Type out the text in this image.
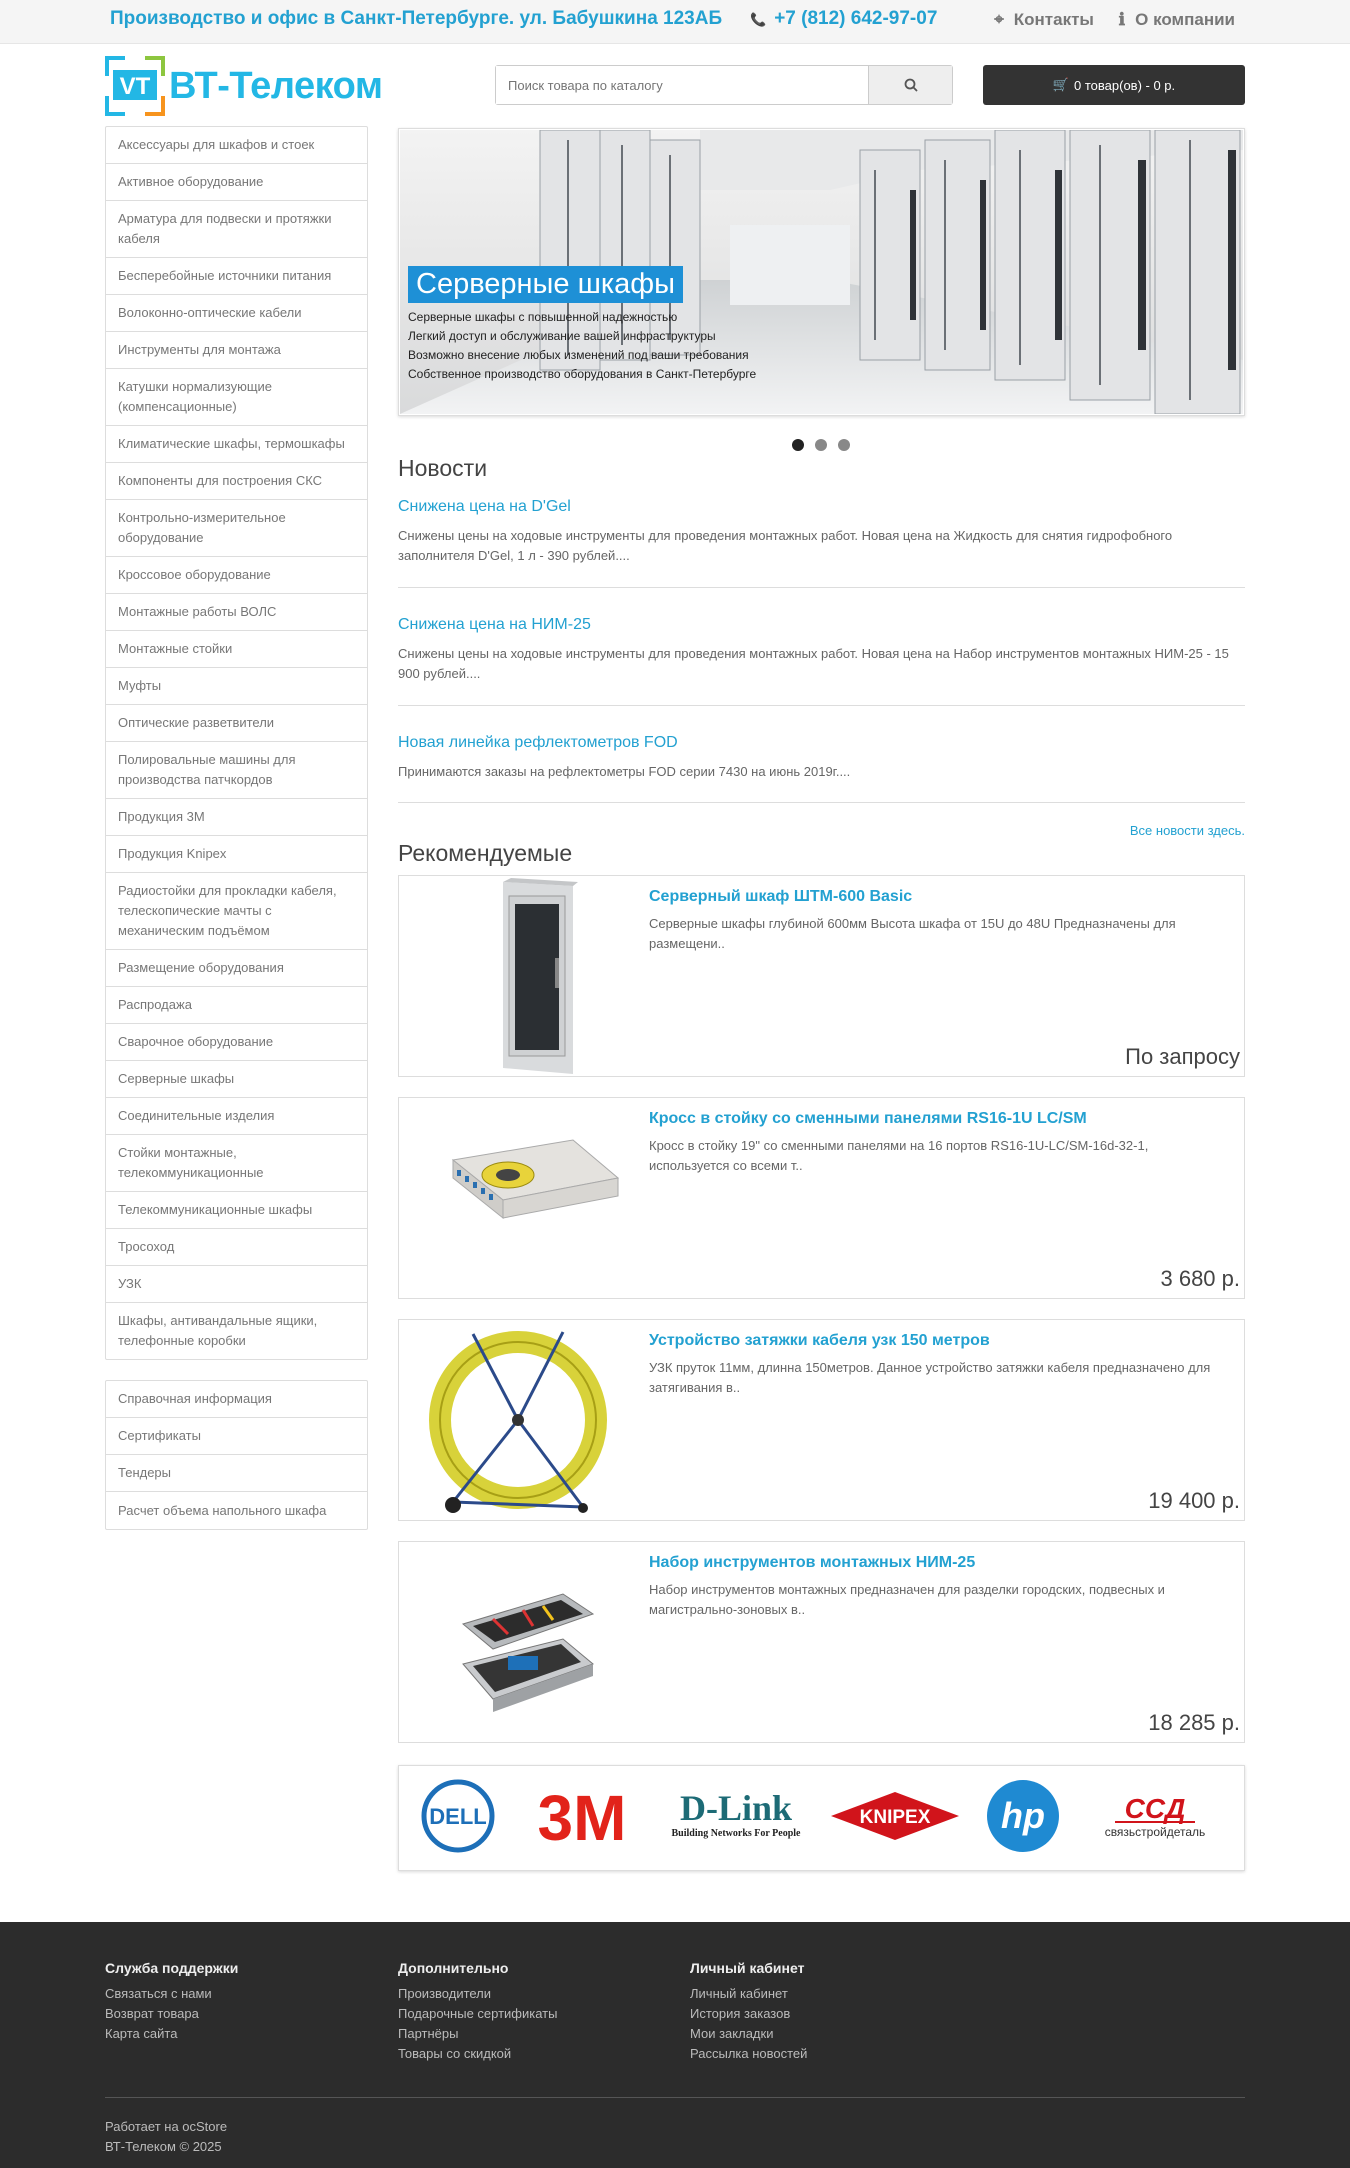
Производство и офис в Санкт-Петербурге. ул. Бабушкина 123АБ 📞 +7 (812) 642-97-07	⌖ Контакты ℹ О компании
VT ВТ-Телеком
Поиск товара по каталогу	🛒 0 товар(ов) - 0 р.
Аксессуары для шкафов и стоек
Активное оборудование
Арматура для подвески и протяжки кабеля
Бесперебойные источники питания
Волоконно-оптические кабели
Инструменты для монтажа
Катушки нормализующие (компенсационные)
Климатические шкафы, термошкафы
Компоненты для построения СКС
Контрольно-измерительное оборудование
Кроссовое оборудование
Монтажные работы ВОЛС
Монтажные стойки
Муфты
Оптические разветвители
Полировальные машины для производства патчкордов
Продукция 3M
Продукция Knipex
Радиостойки для прокладки кабеля, телескопические мачты с механическим подъёмом
Размещение оборудования
Распродажа
Сварочное оборудование
Серверные шкафы
Соединительные изделия
Стойки монтажные, телекоммуникационные
Телекоммуникационные шкафы
Тросоход
УЗК
Шкафы, антивандальные ящики, телефонные коробки
Справочная информация
Сертификаты
Тендеры
Расчет объема напольного шкафа
Серверные шкафы
Серверные шкафы с повышенной надежностью
Легкий доступ и обслуживание вашей инфраструктуры
Возможно внесение любых изменений под ваши требования
Собственное производство оборудования в Санкт-Петербурге
Новости
Снижена цена на D'Gel
Снижены цены на ходовые инструменты для проведения монтажных работ. Новая цена на Жидкость для снятия гидрофобного заполнителя D'Gel, 1 л - 390 рублей....
Снижена цена на НИМ-25
Снижены цены на ходовые инструменты для проведения монтажных работ. Новая цена на Набор инструментов монтажных НИМ-25 - 15 900 рублей....
Новая линейка рефлектометров FOD
Принимаются заказы на рефлектометры FOD серии 7430 на июнь 2019г....
Все новости здесь.
Рекомендуемые
Серверный шкаф ШТМ-600 Basic
Серверные шкафы глубиной 600мм Высота шкафа от 15U до 48U Предназначены для размещени..
По запросу
Кросс в стойку со сменными панелями RS16-1U LC/SM
Кросс в стойку 19" со сменными панелями на 16 портов RS16-1U-LC/SM-16d-32-1, используется со всеми т..
3 680 р.
Устройство затяжки кабеля узк 150 метров
УЗК пруток 11мм, длинна 150метров. Данное устройство затяжки кабеля предназначено для затягивания в..
19 400 р.
Набор инструментов монтажных НИМ-25
Набор инструментов монтажных предназначен для разделки городских, подвесных и магистрально-зоновых в..
18 285 р.
DELL 3M D-Link
Building Networks For People
KNIPEX hp	ССД
связьстройдеталь
Служба поддержки
Связаться с нами
Возврат товара
Карта сайта
Дополнительно
Производители
Подарочные сертификаты
Партнёры
Товары со скидкой
Личный кабинет
Личный кабинет
История заказов
Мои закладки
Рассылка новостей
Работает на ocStore
ВТ-Телеком © 2025
